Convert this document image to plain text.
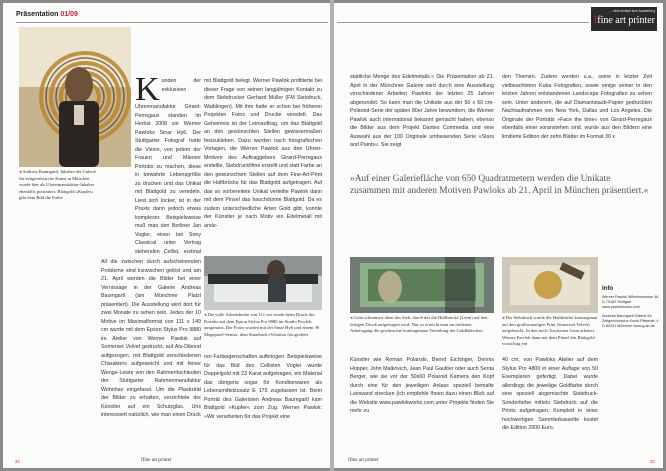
Präsentation 01/09
◂ Andreas Baumgartl, Inhaber der Galerie für zeitgenössische Kunst in München wurde hier als Uhrenmanufaktur-Inhaber ebenfalls porträtiert. Blattgold »Kupfer« gibt dem Bild die Farbe
Kunden der exklusiven Uhrenmanufaktur Girard-Perregaux standen im Herbst 2008 vor Werner Pawloks Sinar Hy6. Der Stuttgarter Fotograf hatte die Vision, von jedem der Frauen und Männer Porträts zu machen, diese in bewahrte Lebensgröße zu drucken und das Unikat mit Blattgold zu veredeln. Liest sich locker, ist in der Praxis dann jedoch etwas komplexer. Beispielsweise muß man den Berliner Jan Vogler, einen bei Sony Classical unter Vertrag stehenden Cellist, erstmal
All die zwischen durch aufscheinenden Probleme sind inzwischen gelöst und am 21. April werden die Bilder bei einer Vernissage in der Galerie Andreas Baumgartl (am Münchner Platzl präsentiert). Die Ausstellung wird dort für zwei Monate zu sehen sein. Jedes der 10 Motive im Maximalformat von 111 x 149 cm wurde mit dem Epson Stylus Pro 9880 im Atelier von Werner Pawlok auf Somerset Velvet gedruckt, auf Alu-Dibond aufgezogen, mit Blattgold verschiedenen Charakters aufgeweicht und mit feiner Wenge-Leiste von den Rahmenfachleuten der Stuttgarter Rahmenmanufaktur Wohnhas eingefasst. Um die Plastizität der Bilder zu erhalten, verzichtete der Künstler auf ein Schutzglas. Uns interessiert natürlich, wie man einen Druck
mit Blattgold belegt. Werner Pawlok profitierte bei dieser Frage von seinen langjährigen Kontakt zu dem Siebdrucker Gerhard Müller (FM Siebdruck, Waiblingen). Mit ihm hatte er schon bei früheren Projekten Fotos und Drucke veredelt. Das Geheimnis ist der Leimauftrag, um das Blattgold an den gewünschten Stellen gewissermaßen festzukleben. Dazu wurden nach fotografischen Vorlagen, die Werner Pawlok aus den Uhren-Motiven des Auftraggebers Girard-Perregaux erstellte, Siebdruckfilme erstellt und statt Farbe an den gewünschten Stellen auf dem Fine-Art-Print die Haftbrücke für das Blattgold aufgetragen. Auf das so vorbereitete Unikat verteilte Pawlok dann mit dem Pinsel das hauchdünne Blattgold. Da es zudem unterschiedliche Arten Gold gibt, konnte der Künstler je nach Motiv ein Edelmetall mit ande-
◂ Die volle Arbeitsbreite von 111 cm wurde beim Druck der Porträts auf dem Epson Stylus Pro 9880 im Studio Pawlok ausgenutzt. Die Fotos wurden mit der Sinar Hy6 und einem 39 Megapixel-Sensor, dem Sinarback eVolution fotografiert
ren Farbeigenschaften aufbringen. Beispielsweise für das Bild des Cellisten Vogler wurde Doppelgold mit 23 Karat aufgetragen, ein Material das übrigens sogar für Konditorwaren als Lebensmittelzusatz E 175 zugelassen ist. Beim Porträt des Galeristen Andreas Baumgartl kam Blattgold »Kupfer« zum Zug. Werner Pawlok: »Wir verarbeiten für das Projekt eine
32	Ifine art printer
... nicht einfach eine Ausstellung
Ifine art printer
stattliche Menge des Edelmetalls.« Die Präsentation ab 21. April in der Münchner Galerie wird durch eine Ausstellung verschiedener Arbeiten Pawloks der letzten 25 Jahren abgerundet. So kann man die Unikate aus der 50 x 60 cm-Polaroid-Serie der späten 80er Jahre bewundern, die Werner Pawlok auch international bekannt gemacht haben, ebenso die Bilder aus dem Projekt Dantes Commedia und eine Auswahl aus der 100 Originale umfassenden Serie »Stars and Paints«. Sie zeigt
den Themen. Zudem werden u.a., seine in letzter Zeit vielbeachteten Kuba Fotografien, sowie einige seiner in den letzten Jahren entstandenen Landscape Fotografien zu sehen sein. Unter anderem, die auf Diamantstaub-Papier gedruckten Nachtaufnahmen von New York, Dallas und Los Angeles. Die Originale der Porträts »Face the time« von Girard-Perregaux ebenfalls einer voranstehen sind, wurde aus den Bildern eine limitierte Edition der zehn Blätter im Format 30 x
»Auf einer Galeriefläche von 650 Quadratmetern werden die Unikate zusammen mit anderen Motiven Pawloks ab 21. April in München präsentiert.«
◂ Grün schimmert oben das Sieb, durch das die Haftbrücke (Leim) auf den fertigen Druck aufgetragen wird. Nur so erreicht man im nächsten Arbeitsgang die gewünschte konturgenaue Verteilung der Goldblättchen
◂ Der Siebdruck wurde die Haftbrücke konturgenau auf den großformatigen Print (Somerset Velvet) aufgebracht. In den noch Trockenen Leim arbeitet Werner Pawlok dann mit dem Pinsel das Blattgold vorsichtig ein
Künstler wie Roman Polanski, Bernd Eichinger, Dennis Hopper, John Malkovich, Jean Paul Gaultier oder auch Senta Berger, wie sie vor der 50x60 Polaroid Kamera den Kopf durch eine für den jeweiligen Anlass speziell bemalte Leinwand strecken (ich empfehle Ihnen dazu einen Blick auf die Website www.pawlokworks.com unter Projekte finden Sie mehr zu
40 cm, von Pawloks Atelier auf dem Stylus Pro 4800 in einer Auflage von 50 Exemplaren gefertigt. Dabei wurde allerdings die jeweilige Goldfarbe durch eine speziell angemischte Siebdruck-Sonderfarbe mittels Siebdruck auf die Prints aufgetragen. Komplett in einer hochwertigen Sammlerkassette kostet die Edition 2900 Euro.
Info
Werner Pawlok Wilhelmstrasse 4A D-70182 Stuttgart www.pawlokworks.com
Andreas Baumgartl Galerie für Zeitgenössische Kunst Pfisterstr. 4 D-80331 München www.g-ab.de
Ifine art printer	33
